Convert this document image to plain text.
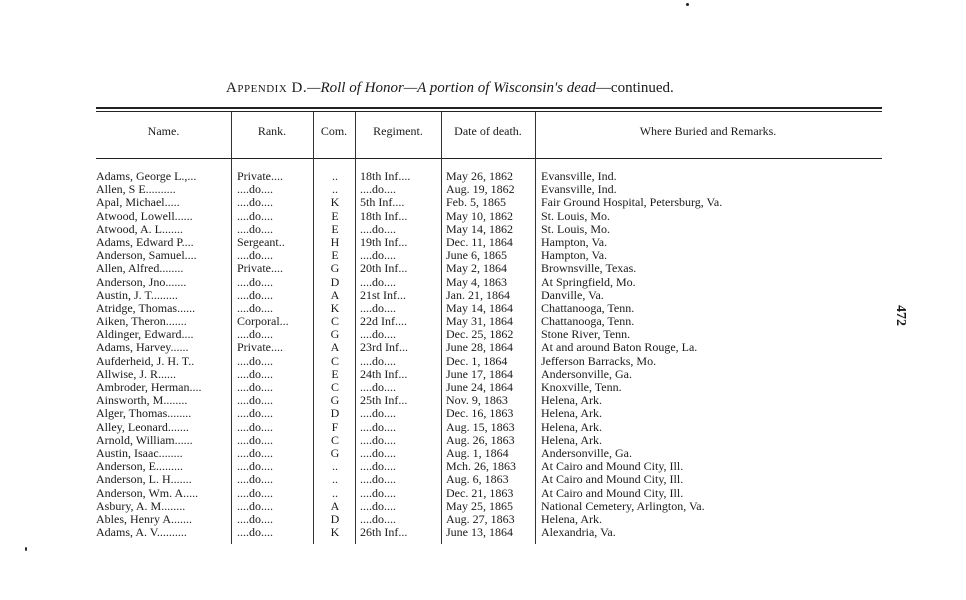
Appendix D.—Roll of Honor—A portion of Wisconsin's dead—continued.
Name.	Rank.	Com.	Regiment.	Date of death.	Where Buried and Remarks.
Adams, George L.,...	Private....	..	18th Inf....	May 26, 1862	Evansville, Ind.
Allen, S E..........	....do....	..	....do....	Aug. 19, 1862	Evansville, Ind.
Apal, Michael.....	....do....	K	5th Inf....	Feb. 5, 1865	Fair Ground Hospital, Petersburg, Va.
Atwood, Lowell......	....do....	E	18th Inf...	May 10, 1862	St. Louis, Mo.
Atwood, A. L.......	....do....	E	....do....	May 14, 1862	St. Louis, Mo.
Adams, Edward P....	Sergeant..	H	19th Inf...	Dec. 11, 1864	Hampton, Va.
Anderson, Samuel....	....do....	E	....do....	June 6, 1865	Hampton, Va.
Allen, Alfred........	Private....	G	20th Inf...	May 2, 1864	Brownsville, Texas.
Anderson, Jno.......	....do....	D	....do....	May 4, 1863	At Springfield, Mo.
Austin, J. T.........	....do....	A	21st Inf...	Jan. 21, 1864	Danville, Va.
Atridge, Thomas......	....do....	K	....do....	May 14, 1864	Chattanooga, Tenn.
Aiken, Theron.......	Corporal...	C	22d Inf....	May 31, 1864	Chattanooga, Tenn.
Aldinger, Edward....	....do....	G	....do....	Dec. 25, 1862	Stone River, Tenn.
Adams, Harvey......	Private....	A	23rd Inf...	June 28, 1864	At and around Baton Rouge, La.
Aufderheid, J. H. T..	....do....	C	....do....	Dec. 1, 1864	Jefferson Barracks, Mo.
Allwise, J. R......	....do....	E	24th Inf...	June 17, 1864	Andersonville, Ga.
Ambroder, Herman....	....do....	C	....do....	June 24, 1864	Knoxville, Tenn.
Ainsworth, M........	....do....	G	25th Inf...	Nov. 9, 1863	Helena, Ark.
Alger, Thomas........	....do....	D	....do....	Dec. 16, 1863	Helena, Ark.
Alley, Leonard.......	....do....	F	....do....	Aug. 15, 1863	Helena, Ark.
Arnold, William......	....do....	C	....do....	Aug. 26, 1863	Helena, Ark.
Austin, Isaac........	....do....	G	....do....	Aug. 1, 1864	Andersonville, Ga.
Anderson, E.........	....do....	..	....do....	Mch. 26, 1863	At Cairo and Mound City, Ill.
Anderson, L. H.......	....do....	..	....do....	Aug. 6, 1863	At Cairo and Mound City, Ill.
Anderson, Wm. A.....	....do....	..	....do....	Dec. 21, 1863	At Cairo and Mound City, Ill.
Asbury, A. M........	....do....	A	....do....	May 25, 1865	National Cemetery, Arlington, Va.
Ables, Henry A.......	....do....	D	....do....	Aug. 27, 1863	Helena, Ark.
Adams, A. V..........	....do....	K	26th Inf...	June 13, 1864	Alexandria, Va.
472
